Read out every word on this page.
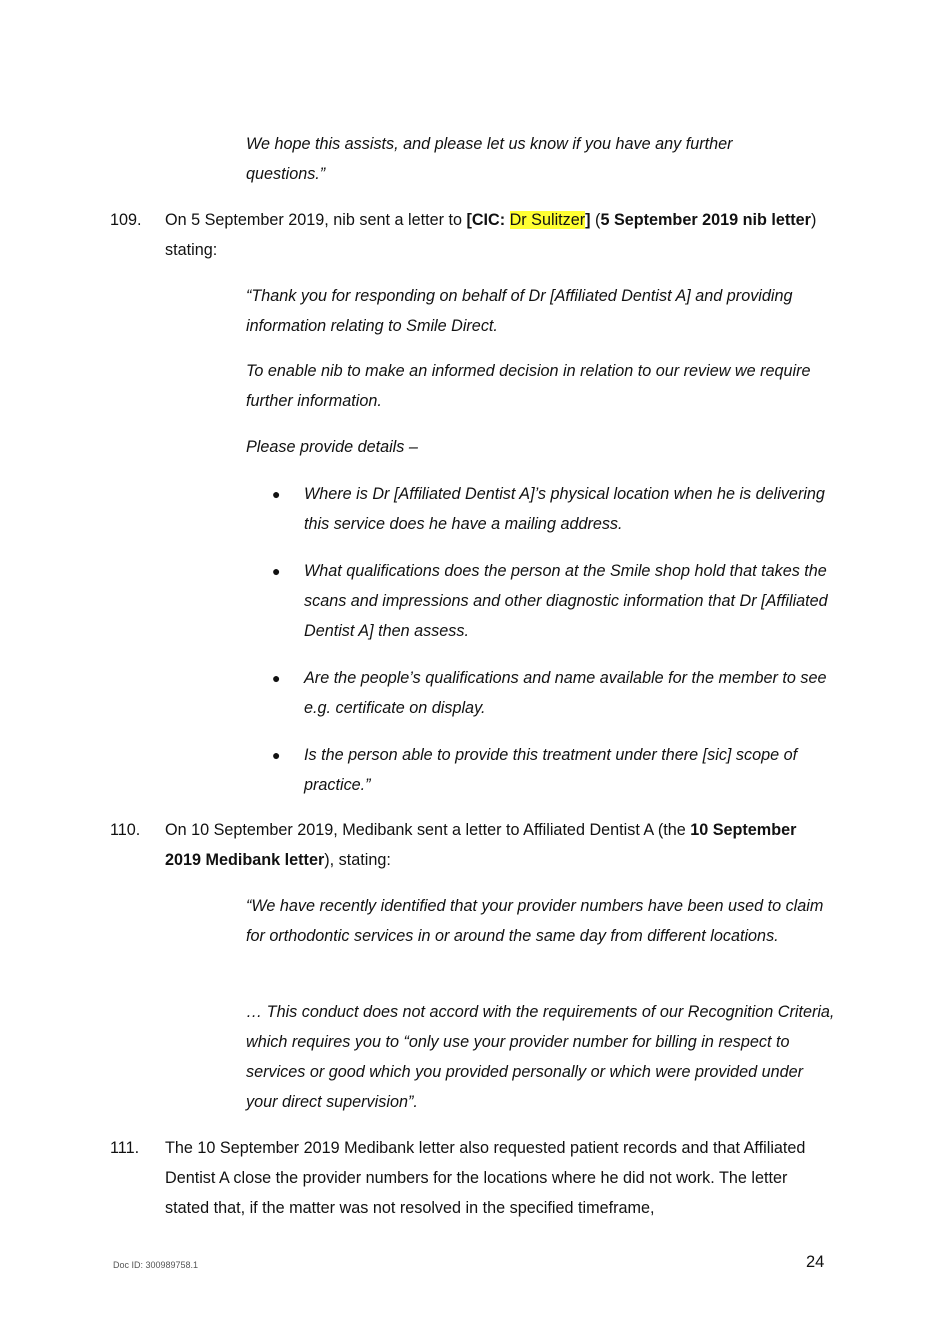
We hope this assists, and please let us know if you have any further
questions.”
109.	On 5 September 2019, nib sent a letter to [CIC: Dr Sulitzer] (5 September 2019 nib letter) stating:

“Thank you for responding on behalf of Dr [Affiliated Dentist A] and providing information relating to Smile Direct.

To enable nib to make an informed decision in relation to our review we require further information.

Please provide details –

● Where is Dr [Affiliated Dentist A]’s physical location when he is delivering this service does he have a mailing address.
● What qualifications does the person at the Smile shop hold that takes the scans and impressions and other diagnostic information that Dr [Affiliated Dentist A] then assess.
● Are the people’s qualifications and name available for the member to see e.g. certificate on display.
● Is the person able to provide this treatment under there [sic] scope of practice.”
110.	On 10 September 2019, Medibank sent a letter to Affiliated Dentist A (the 10 September 2019 Medibank letter), stating:

“We have recently identified that your provider numbers have been used to claim for orthodontic services in or around the same day from different locations.

… This conduct does not accord with the requirements of our Recognition Criteria, which requires you to “only use your provider number for billing in respect to services or good which you provided personally or which were provided under your direct supervision”.

111.	The 10 September 2019 Medibank letter also requested patient records and that Affiliated Dentist A close the provider numbers for the locations where he did not work. The letter stated that, if the matter was not resolved in the specified timeframe,
Doc ID: 300989758.1	24
